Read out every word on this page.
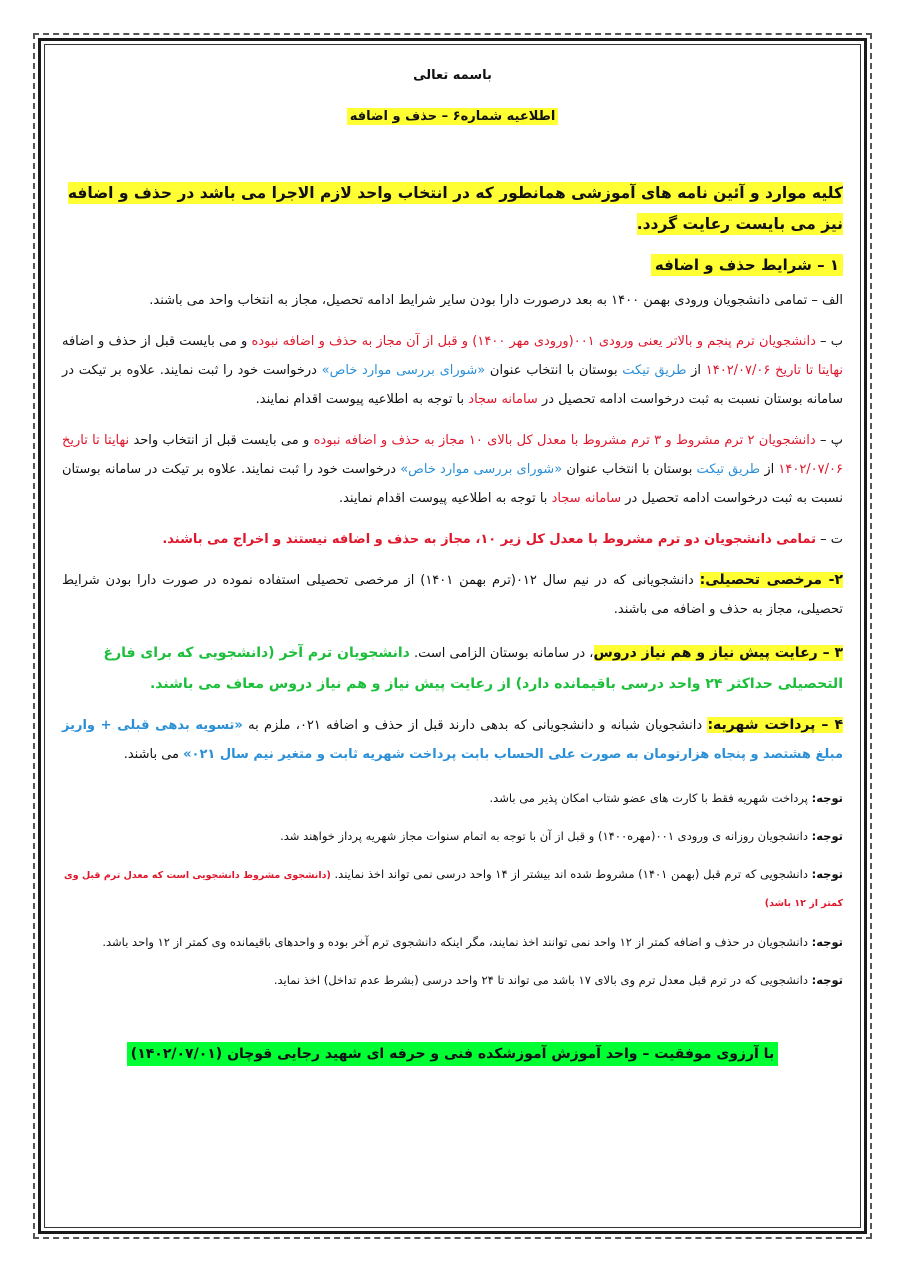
باسمه تعالی
اطلاعیه شماره۶ – حذف و اضافه
کلیه موارد و آئین نامه های آموزشی همانطور که در انتخاب واحد لازم الاجرا می باشد در حذف و اضافه نیز می بایست رعایت گردد.
۱ – شرایط حذف و اضافه

الف – تمامی دانشجویان ورودی بهمن ۱۴۰۰ به بعد درصورت دارا بودن سایر شرایط ادامه تحصیل، مجاز به انتخاب واحد می باشند.

ب – دانشجویان ترم پنجم و بالاتر یعنی ورودی ۰۰۱(ورودی مهر ۱۴۰۰) و قبل از آن مجاز به حذف و اضافه نبوده و می بایست قبل از حذف و اضافه نهایتا تا تاریخ ۱۴۰۲/۰۷/۰۶ از طریق تیکت بوستان با انتخاب عنوان «شورای بررسی موارد خاص» درخواست خود را ثبت نمایند. علاوه بر تیکت در سامانه بوستان نسبت به ثبت درخواست ادامه تحصیل در سامانه سجاد با توجه به اطلاعیه پیوست اقدام نمایند.

پ – دانشجویان ۲ ترم مشروط و ۳ ترم مشروط با معدل کل بالای ۱۰ مجاز به حذف و اضافه نبوده و می بایست قبل از انتخاب واحد نهایتا تا تاریخ ۱۴۰۲/۰۷/۰۶ از طریق تیکت بوستان با انتخاب عنوان «شورای بررسی موارد خاص» درخواست خود را ثبت نمایند. علاوه بر تیکت در سامانه بوستان نسبت به ثبت درخواست ادامه تحصیل در سامانه سجاد با توجه به اطلاعیه پیوست اقدام نمایند.

ت – تمامی دانشجویان دو ترم مشروط با معدل کل زیر ۱۰، مجاز به حذف و اضافه نیستند و اخراج می باشند.

۲- مرخصی تحصیلی: دانشجویانی که در نیم سال ۰۱۲(ترم بهمن ۱۴۰۱) از مرخصی تحصیلی استفاده نموده در صورت دارا بودن شرایط تحصیلی، مجاز به حذف و اضافه می باشند.

۳ – رعایت پیش نیاز و هم نیاز دروس، در سامانه بوستان الزامی است. دانشجویان ترم آخر (دانشجویی که برای فارغ التحصیلی حداکثر ۲۴ واحد درسی باقیمانده دارد) از رعایت پیش نیاز و هم نیاز دروس معاف می باشند.

۴ – پرداخت شهریه: دانشجویان شبانه و دانشجویانی که بدهی دارند قبل از حذف و اضافه ۰۲۱، ملزم به «تسویه بدهی قبلی + واریز مبلغ هشتصد و پنجاه هزارتومان به صورت علی الحساب بابت پرداخت شهریه ثابت و متغیر نیم سال ۰۲۱» می باشند.

توجه: پرداخت شهریه فقط با کارت های عضو شتاب امکان پذیر می باشد.

توجه: دانشجویان روزانه ی ورودی ۰۰۱(مهره۱۴۰۰) و قبل از آن با توجه به اتمام سنوات مجاز شهریه پرداز خواهند شد.

توجه: دانشجویی که ترم قبل (بهمن ۱۴۰۱) مشروط شده اند بیشتر از ۱۴ واحد درسی نمی تواند اخذ نمایند. (دانشجوی مشروط دانشجویی است که معدل ترم قبل وی کمتر از ۱۲ باشد)

توجه: دانشجویان در حذف و اضافه کمتر از ۱۲ واحد نمی توانند اخذ نمایند، مگر اینکه دانشجوی ترم آخر بوده و واحدهای باقیمانده وی کمتر از ۱۲ واحد باشد.

توجه: دانشجویی که در ترم قبل معدل ترم وی بالای ۱۷ باشد می تواند تا ۲۴ واحد درسی (بشرط عدم تداخل) اخذ نماید.

با آرزوی موفقیت – واحد آموزش آموزشکده فنی و حرفه ای شهید رجایی قوچان (۱۴۰۲/۰۷/۰۱)
